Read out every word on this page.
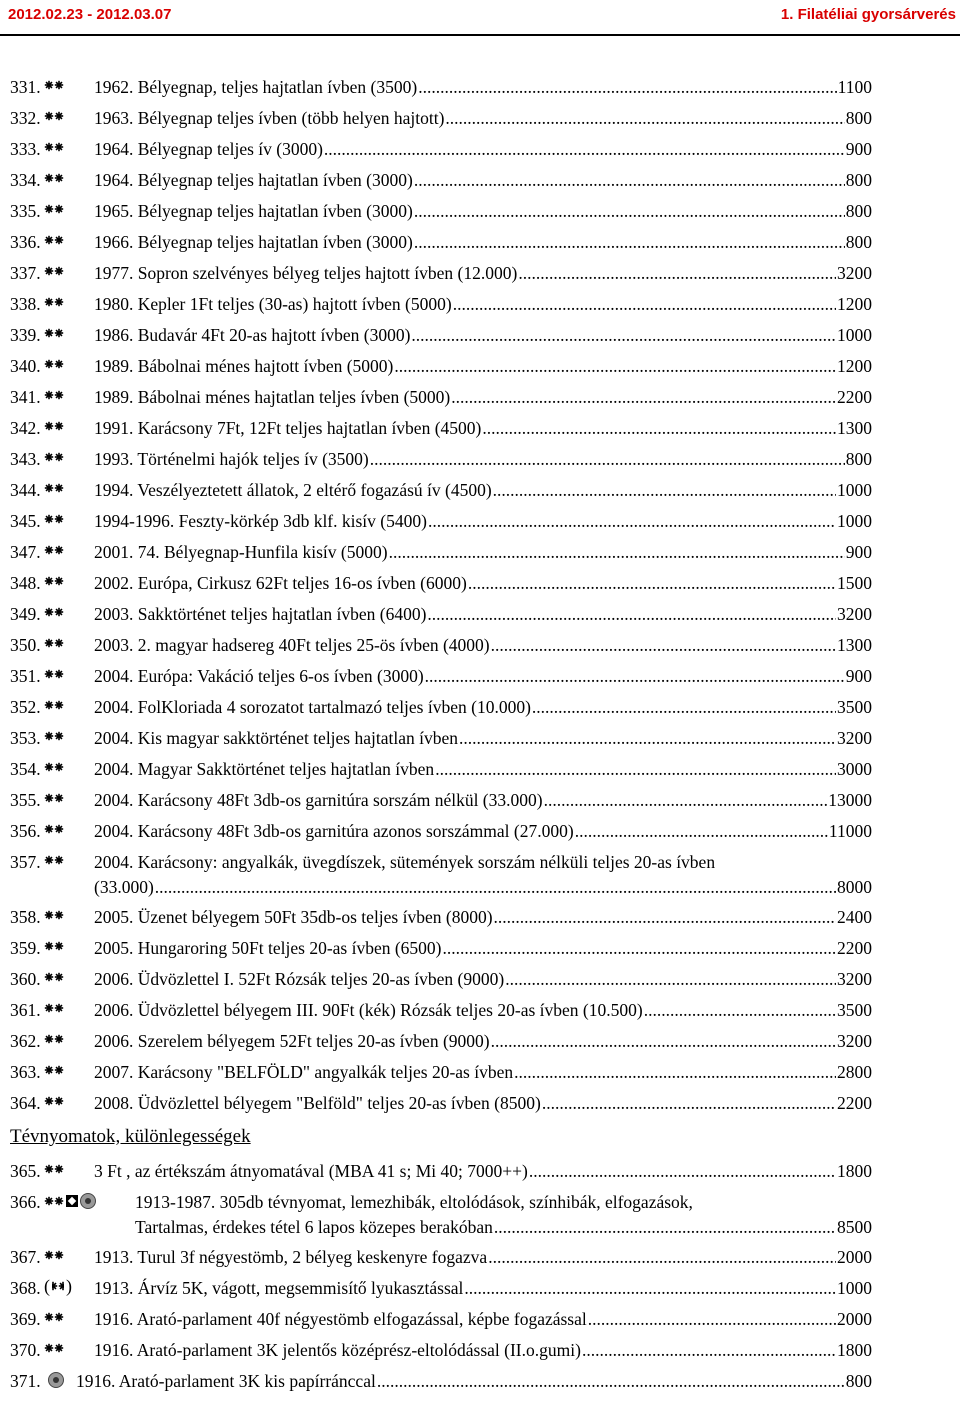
2012.02.23 - 2012.03.07	1. Filatéliai gyorsárverés
331.	1962. Bélyegnap, teljes hajtatlan ívben (3500) .....	1100
332.	1963. Bélyegnap teljes ívben (több helyen hajtott) .....	800
333.	1964. Bélyegnap teljes ív (3000) .....	900
334.	1964. Bélyegnap teljes hajtatlan ívben (3000) .....	800
335.	1965. Bélyegnap teljes hajtatlan ívben (3000) .....	800
336.	1966. Bélyegnap teljes hajtatlan ívben (3000) .....	800
337.	1977. Sopron szelvényes bélyeg teljes hajtott ívben (12.000) .....	3200
338.	1980. Kepler 1Ft teljes (30-as) hajtott ívben (5000) .....	1200
339.	1986. Budavár 4Ft 20-as hajtott ívben (3000) .....	1000
340.	1989. Bábolnai ménes hajtott ívben (5000) .....	1200
341.	1989. Bábolnai ménes hajtatlan teljes ívben (5000) .....	2200
342.	1991. Karácsony 7Ft, 12Ft teljes hajtatlan ívben (4500) .....	1300
343.	1993. Történelmi hajók teljes ív (3500) .....	800
344.	1994. Veszélyeztetett állatok, 2 eltérő fogazású ív (4500) .....	1000
345.	1994-1996. Feszty-körkép 3db klf. kisív (5400) .....	1000
347.	2001. 74. Bélyegnap-Hunfila kisív (5000) .....	900
348.	2002. Európa, Cirkusz 62Ft teljes 16-os ívben (6000) .....	1500
349.	2003. Sakktörténet teljes hajtatlan ívben (6400) .....	3200
350.	2003. 2. magyar hadsereg 40Ft teljes 25-ös ívben (4000) .....	1300
351.	2004. Európa: Vakáció teljes 6-os ívben (3000) .....	900
352.	2004. FolKloriada 4 sorozatot tartalmazó teljes ívben (10.000) .....	3500
353.	2004. Kis magyar sakktörténet teljes hajtatlan ívben .....	3200
354.	2004. Magyar Sakktörténet teljes hajtatlan ívben .....	3000
355.	2004. Karácsony 48Ft 3db-os garnitúra sorszám nélkül (33.000) .....	13000
356.	2004. Karácsony 48Ft 3db-os garnitúra azonos sorszámmal (27.000) .....	11000
357.	2004. Karácsony: angyalkák, üvegdíszek, sütemények sorszám nélküli teljes 20-as ívben
(33.000) .....	8000
358.	2005. Üzenet bélyegem 50Ft 35db-os teljes ívben (8000) .....	2400
359.	2005. Hungaroring 50Ft teljes 20-as ívben (6500) .....	2200
360.	2006. Üdvözlettel I. 52Ft Rózsák teljes 20-as ívben (9000) .....	3200
361.	2006. Üdvözlettel bélyegem III. 90Ft (kék) Rózsák teljes 20-as ívben (10.500) .....	3500
362.	2006. Szerelem bélyegem 52Ft teljes 20-as ívben (9000) .....	3200
363.	2007. Karácsony "BELFÖLD" angyalkák teljes 20-as ívben .....	2800
364.	2008. Üdvözlettel bélyegem "Belföld" teljes 20-as ívben (8500) .....	2200
Tévnyomatok, különlegességek
365.	3 Ft , az értékszám átnyomatával (MBA 41 s; Mi 40; 7000++) .....	1800
366.	1913-1987. 305db tévnyomat, lemezhibák, eltolódások, színhibák, elfogazások,
Tartalmas, érdekes tétel 6 lapos közepes berakóban .....	8500
367.	1913. Turul 3f négyestömb, 2 bélyeg keskenyre fogazva .....	2000
368. ( ) 1913. Árvíz 5K, vágott, megsemmisítő lyukasztással .....	1000
369.	1916. Arató-parlament 40f négyestömb elfogazással, képbe fogazással .....	2000
370.	1916. Arató-parlament 3K jelentős középrész-eltolódással (II.o.gumi) .....	1800
371. 1916. Arató-parlament 3K kis papírránccal .....	800
